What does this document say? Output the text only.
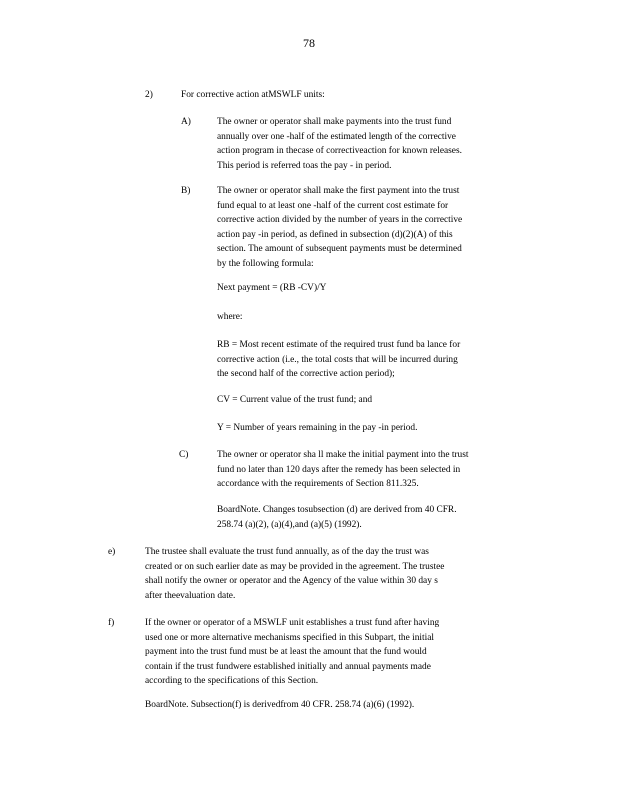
78
2)	For corrective action atMSWLF units:
A)	The owner or operator shall make payments into the trust fund

annually over one -half of the estimated length of the corrective

action program in thecase of correctiveaction for known releases.

This period is referred toas the pay - in period.

B)	The owner or operator shall make the first payment into the trust

fund equal to at least one -half of the current cost estimate for

corrective action divided by the number of years in the corrective

action pay -in period, as defined in subsection (d)(2)(A) of this

section. The amount of subsequent payments must be determined

by the following formula:

Next payment = (RB -CV)/Y
where:

RB = Most recent estimate of the required trust fund ba lance for

corrective action (i.e., the total costs that will be incurred during

the second half of the corrective action period);

CV = Current value of the trust fund; and
Y = Number of years remaining in the pay -in period.
C)	The owner or operator sha ll make the initial payment into the trust

fund no later than 120 days after the remedy has been selected in

accordance with the requirements of Section 811.325.

BoardNote. Changes tosubsection (d) are derived from 40 CFR.

258.74 (a)(2), (a)(4),and (a)(5) (1992).

e)	The trustee shall evaluate the trust fund annually, as of the day the trust was

created or on such earlier date as may be provided in the agreement. The trustee

shall notify the owner or operator and the Agency of the value within 30 day s

after theevaluation date.

f)	If the owner or operator of a MSWLF unit establishes a trust fund after having

used one or more alternative mechanisms specified in this Subpart, the initial

payment into the trust fund must be at least the amount that the fund would

contain if the trust fundwere established initially and annual payments made

according to the specifications of this Section.

BoardNote. Subsection(f) is derivedfrom 40 CFR. 258.74 (a)(6) (1992).
